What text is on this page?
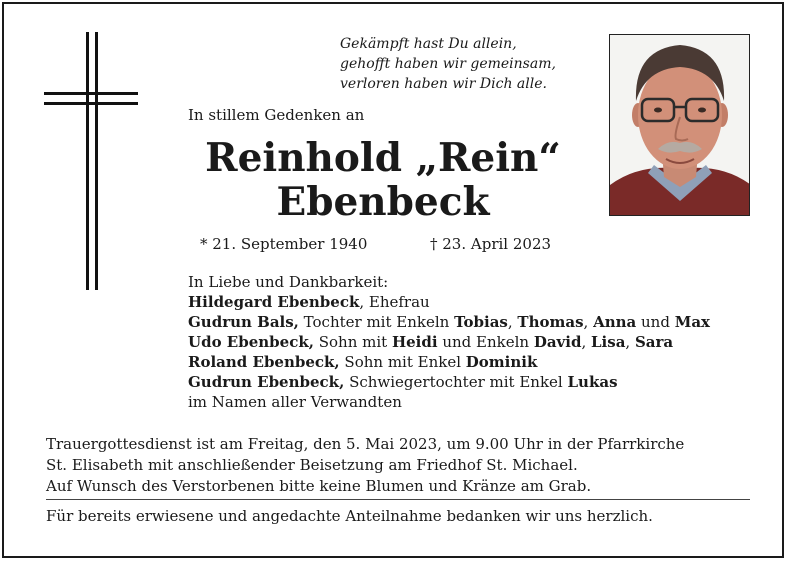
Gekämpft hast Du allein,
gehofft haben wir gemeinsam,
verloren haben wir Dich alle.
In stillem Gedenken an
Reinhold „Rein“
Ebenbeck
* 21. September 1940	† 23. April 2023
In Liebe und Dankbarkeit:
Hildegard Ebenbeck, Ehefrau
Gudrun Bals, Tochter mit Enkeln Tobias, Thomas, Anna und Max
Udo Ebenbeck, Sohn mit Heidi und Enkeln David, Lisa, Sara
Roland Ebenbeck, Sohn mit Enkel Dominik
Gudrun Ebenbeck, Schwiegertochter mit Enkel Lukas
im Namen aller Verwandten
Trauergottesdienst ist am Freitag, den 5. Mai 2023, um 9.00 Uhr in der Pfarrkirche
St. Elisabeth mit anschließender Beisetzung am Friedhof St. Michael.
Auf Wunsch des Verstorbenen bitte keine Blumen und Kränze am Grab.
Für bereits erwiesene und angedachte Anteilnahme bedanken wir uns herzlich.
